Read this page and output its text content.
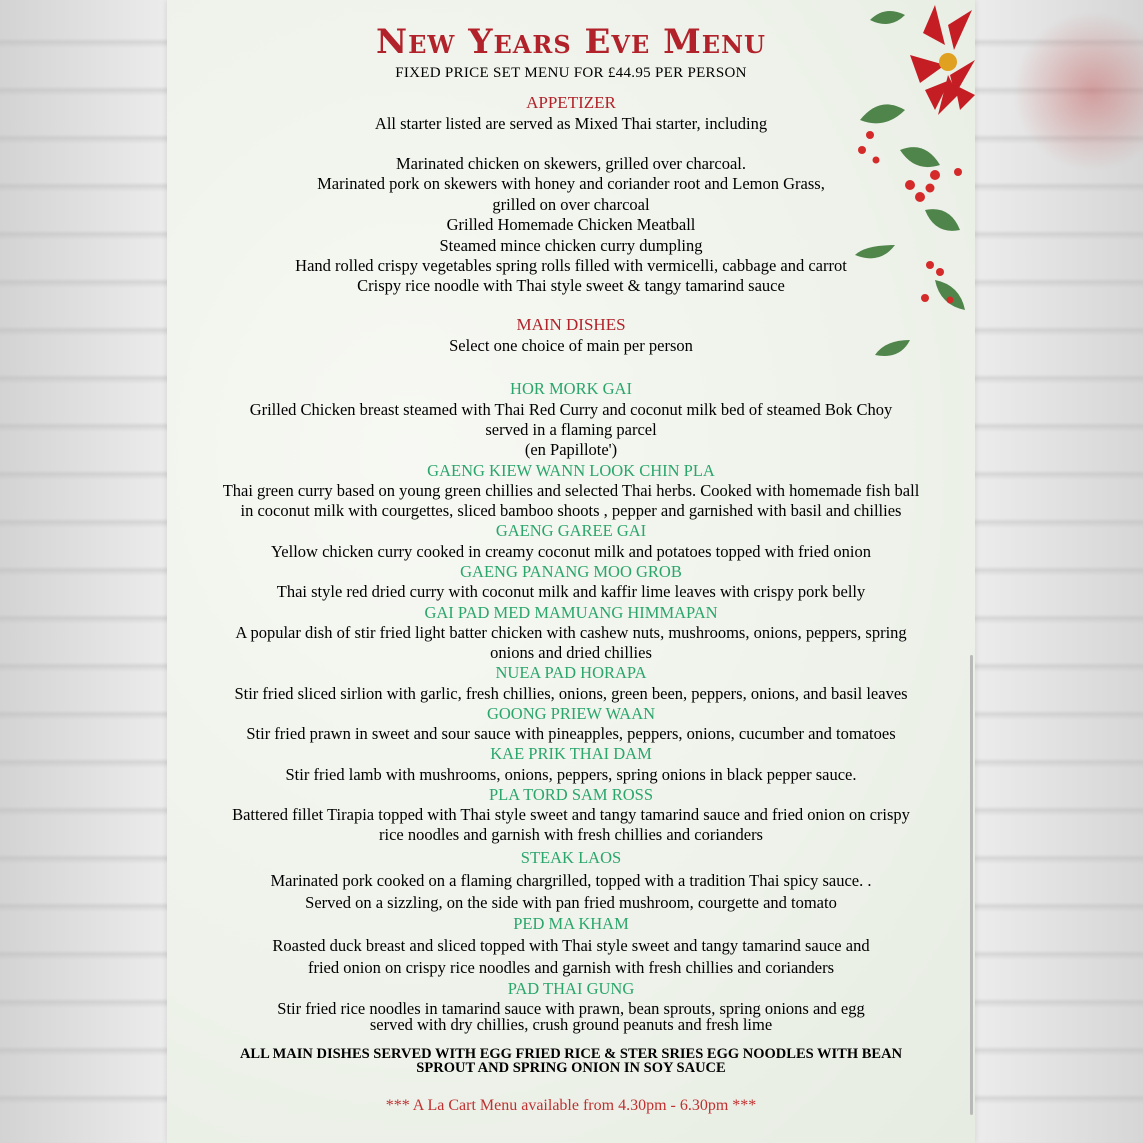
New Years Eve Menu
FIXED PRICE SET MENU FOR £44.95 PER PERSON
APPETIZER
All starter listed are served as Mixed Thai starter, including
Marinated chicken on skewers, grilled over charcoal.
Marinated pork on skewers with honey and coriander root and Lemon Grass,
grilled on over charcoal
Grilled Homemade Chicken Meatball
Steamed mince chicken curry dumpling
Hand rolled crispy vegetables spring rolls filled with vermicelli, cabbage and carrot
Crispy rice noodle with Thai style sweet & tangy tamarind sauce
MAIN DISHES
Select one choice of main per person
HOR MORK GAI
Grilled Chicken breast steamed with Thai Red Curry and coconut milk bed of steamed Bok Choy
served in a flaming parcel
(en Papillote')
GAENG KIEW WANN LOOK CHIN PLA
Thai green curry based on young green chillies and selected Thai herbs. Cooked with homemade fish ball
in coconut milk with courgettes, sliced bamboo shoots , pepper and garnished with basil and chillies
GAENG GAREE GAI
Yellow chicken curry cooked in creamy coconut milk and potatoes topped with fried onion
GAENG PANANG MOO GROB
Thai style red dried curry with coconut milk and kaffir lime leaves with crispy pork belly
GAI PAD MED MAMUANG HIMMAPAN
A popular dish of stir fried light batter chicken with cashew nuts, mushrooms, onions, peppers, spring
onions and dried chillies
NUEA PAD HORAPA
Stir fried sliced sirlion with garlic, fresh chillies, onions, green been, peppers, onions, and basil leaves
GOONG PRIEW WAAN
Stir fried prawn in sweet and sour sauce with pineapples, peppers, onions, cucumber and tomatoes
KAE PRIK THAI DAM
Stir fried lamb with mushrooms, onions, peppers, spring onions in black pepper sauce.
PLA TORD SAM ROSS
Battered fillet Tirapia topped with Thai style sweet and tangy tamarind sauce and fried onion on crispy
rice noodles and garnish with fresh chillies and corianders
STEAK LAOS
Marinated pork cooked on a flaming chargrilled, topped with a tradition Thai spicy sauce. .
Served on a sizzling, on the side with pan fried mushroom, courgette and tomato
PED MA KHAM
Roasted duck breast and sliced topped with Thai style sweet and tangy tamarind sauce and
fried onion on crispy rice noodles and garnish with fresh chillies and corianders
PAD THAI GUNG
Stir fried rice noodles in tamarind sauce with prawn, bean sprouts, spring onions and egg
served with dry chillies, crush ground peanuts and fresh lime
ALL MAIN DISHES SERVED WITH EGG FRIED RICE & STER SRIES EGG NOODLES WITH BEAN
SPROUT AND SPRING ONION IN SOY SAUCE
*** A La Cart Menu available from 4.30pm - 6.30pm ***
